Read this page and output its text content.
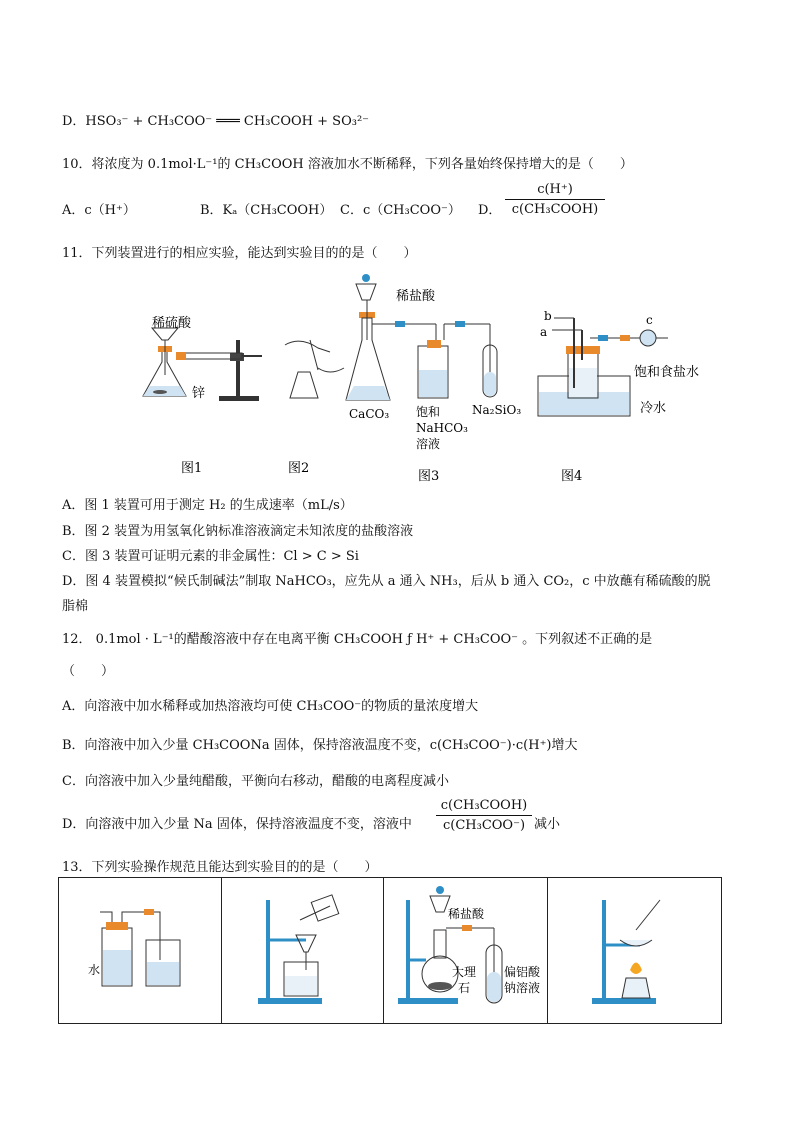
D．HSO₃⁻ + CH₃COO⁻ ═══ CH₃COOH + SO₃²⁻
10．将浓度为 0.1mol·L⁻¹的 CH₃COOH 溶液加水不断稀释，下列各量始终保持增大的是（　　）
A．c（H⁺）	B．Kₐ（CH₃COOH） C．c（CH₃COO⁻） D．
c(H⁺)
c(CH₃COOH)
11．下列装置进行的相应实验，能达到实验目的的是（　　）
稀硫酸
锌
稀盐酸
CaCO₃ 饱和
NaHCO₃
溶液
Na₂SiO₃
b
a
c
饱和食盐水
冷水
图1	图2
图3	图4
A．图 1 装置可用于测定 H₂ 的生成速率（mL/s）
B．图 2 装置为用氢氧化钠标准溶液滴定未知浓度的盐酸溶液
C．图 3 装置可证明元素的非金属性：Cl > C > Si
D．图 4 装置模拟“候氏制碱法”制取 NaHCO₃，应先从 a 通入 NH₃，后从 b 通入 CO₂，c 中放蘸有稀硫酸的脱
脂棉
12． 0.1mol · L⁻¹的醋酸溶液中存在电离平衡 CH₃COOH ƒ H⁺ + CH₃COO⁻ 。下列叙述不正确的是
（　　）
A．向溶液中加水稀释或加热溶液均可使 CH₃COO⁻的物质的量浓度增大
B．向溶液中加入少量 CH₃COONa 固体，保持溶液温度不变，c(CH₃COO⁻)·c(H⁺)增大
C．向溶液中加入少量纯醋酸，平衡向右移动，醋酸的电离程度减小
D．向溶液中加入少量 Na 固体，保持溶液温度不变，溶液中
c(CH₃COOH)
c(CH₃COO⁻) 减小
13．下列实验操作规范且能达到实验目的的是（　　）
水
稀盐酸
大理
石
偏铝酸
钠溶液
